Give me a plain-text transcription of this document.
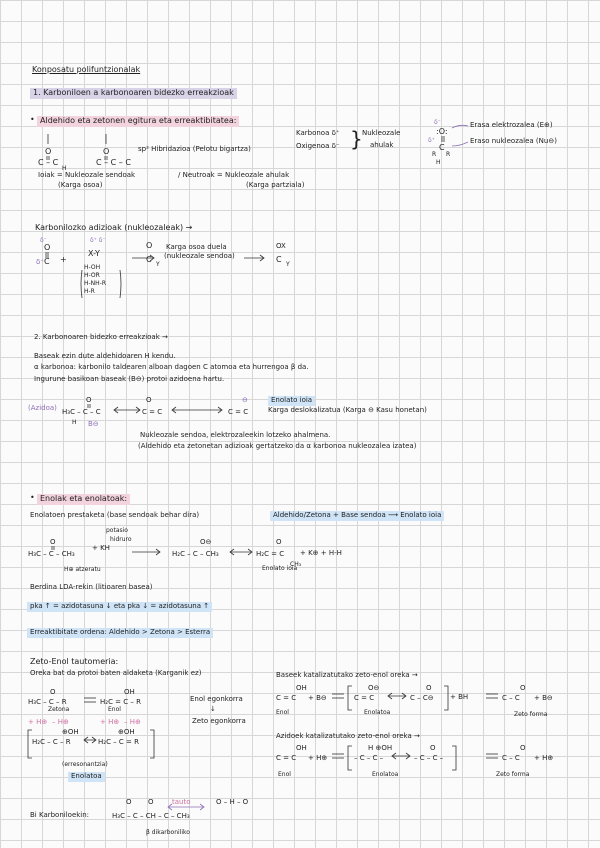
Konposatu polifuntzionalak
1. Karboniloen a karbonoaren bidezko erreakzioak
• Aldehido eta zetonen egitura eta erreaktibitatea:
O
C – C
H
O
C – C – C
sp² Hibridazioa (Pelotu bigartza)
Karbonoa δ⁺
Oxigenoa δ⁻ } Nukleozale
ahulak
δ⁻
:O:
δ⁺
C
R R
H
Erasa elektrozalea (E⊕)
Eraso nukleozalea (Nu⊖)
Ioiak = Nukleozale sendoak
(Karga osoa)
/ Neutroak = Nukleozale ahulak
(Karga partziala)
Karbonilozko adizioak (nukleozaleak) →
δ⁻
O
δ⁺ C +
δ⁺ δ⁻
O
C
Y
OX
C
Y
X-Y
H-OH
H-OR
H-NH-R
H-R
Karga osoa duela
(nukleozale sendoa)
2. Karbonoaren bidezko erreakzioak →
Baseak ezin dute aldehidoaren H kendu.
α karbonoa: karbonilo taldearen alboan dagoen C atomoa eta hurrengoa β da.
Ingurune basikoan baseak (B⊖) protoi azidoena hartu.
(Azidoa)
O
H₃C – C – C
H B⊖
O
C = C
⊖
C = C
Enolato ioia
Karga deslokalizatua (Karga ⊖ Kasu honetan)
Nukleozale sendoa, elektrozaleekin lotzeko ahalmena.
(Aldehido eta zetonetan adizioak gertatzeko da α karbonoa nukleozalea izatea)
• Enolak eta enolatoak:
Enolatoen prestaketa (base sendoak behar dira)	Aldehido/Zetona + Base sendoa ⟶ Enolato ioia
potasio
hidruro
+ KH
O
H₃C – C – CH₃
O⊖
H₂C – C – CH₃
O
H₂C = C
CH₃
H⊕ atzeratu	Enolato ioia
+ K⊕ + H-H
Berdina LDA-rekin (litioaren basea)
pka ↑ = azidotasuna ↓ eta pka ↓ = azidotasuna ↑
Erreaktibitate ordena: Aldehido > Zetona > Esterra
Zeto-Enol tautomeria:
Oreka bat da protoi baten aldaketa (Karganik ez)
O
H₃C – C – R
OH
H₂C = C – R
+ H⊕ – H⊕	+ H⊕ – H⊕
⊕OH
H₂C – C – R
⊕OH
H₂C – C = R
Zetona	Enol
(erresonantzia)
Enolatoa
Enol egonkorra
↓
Zeto egonkorra
Baseek katalizatutako zeto-enol oreka →
OH
C = C + B⊖
O⊖
C = C
O
C – C⊖
O
C – C + B⊖
+ BH
Enol	Enolatoa	Zeto forma
Azidoek katalizatutako zeto-enol oreka →
OH
C = C + H⊕
H ⊕OH
– C – C –
O
– C – C –
O
C – C + H⊕
Enol	Enolatoa	Zeto forma
Bi Karboniloekin:
O O
H₃C – C – CH – C – CH₃
tauto	O – H – O
β dikarboniliko
